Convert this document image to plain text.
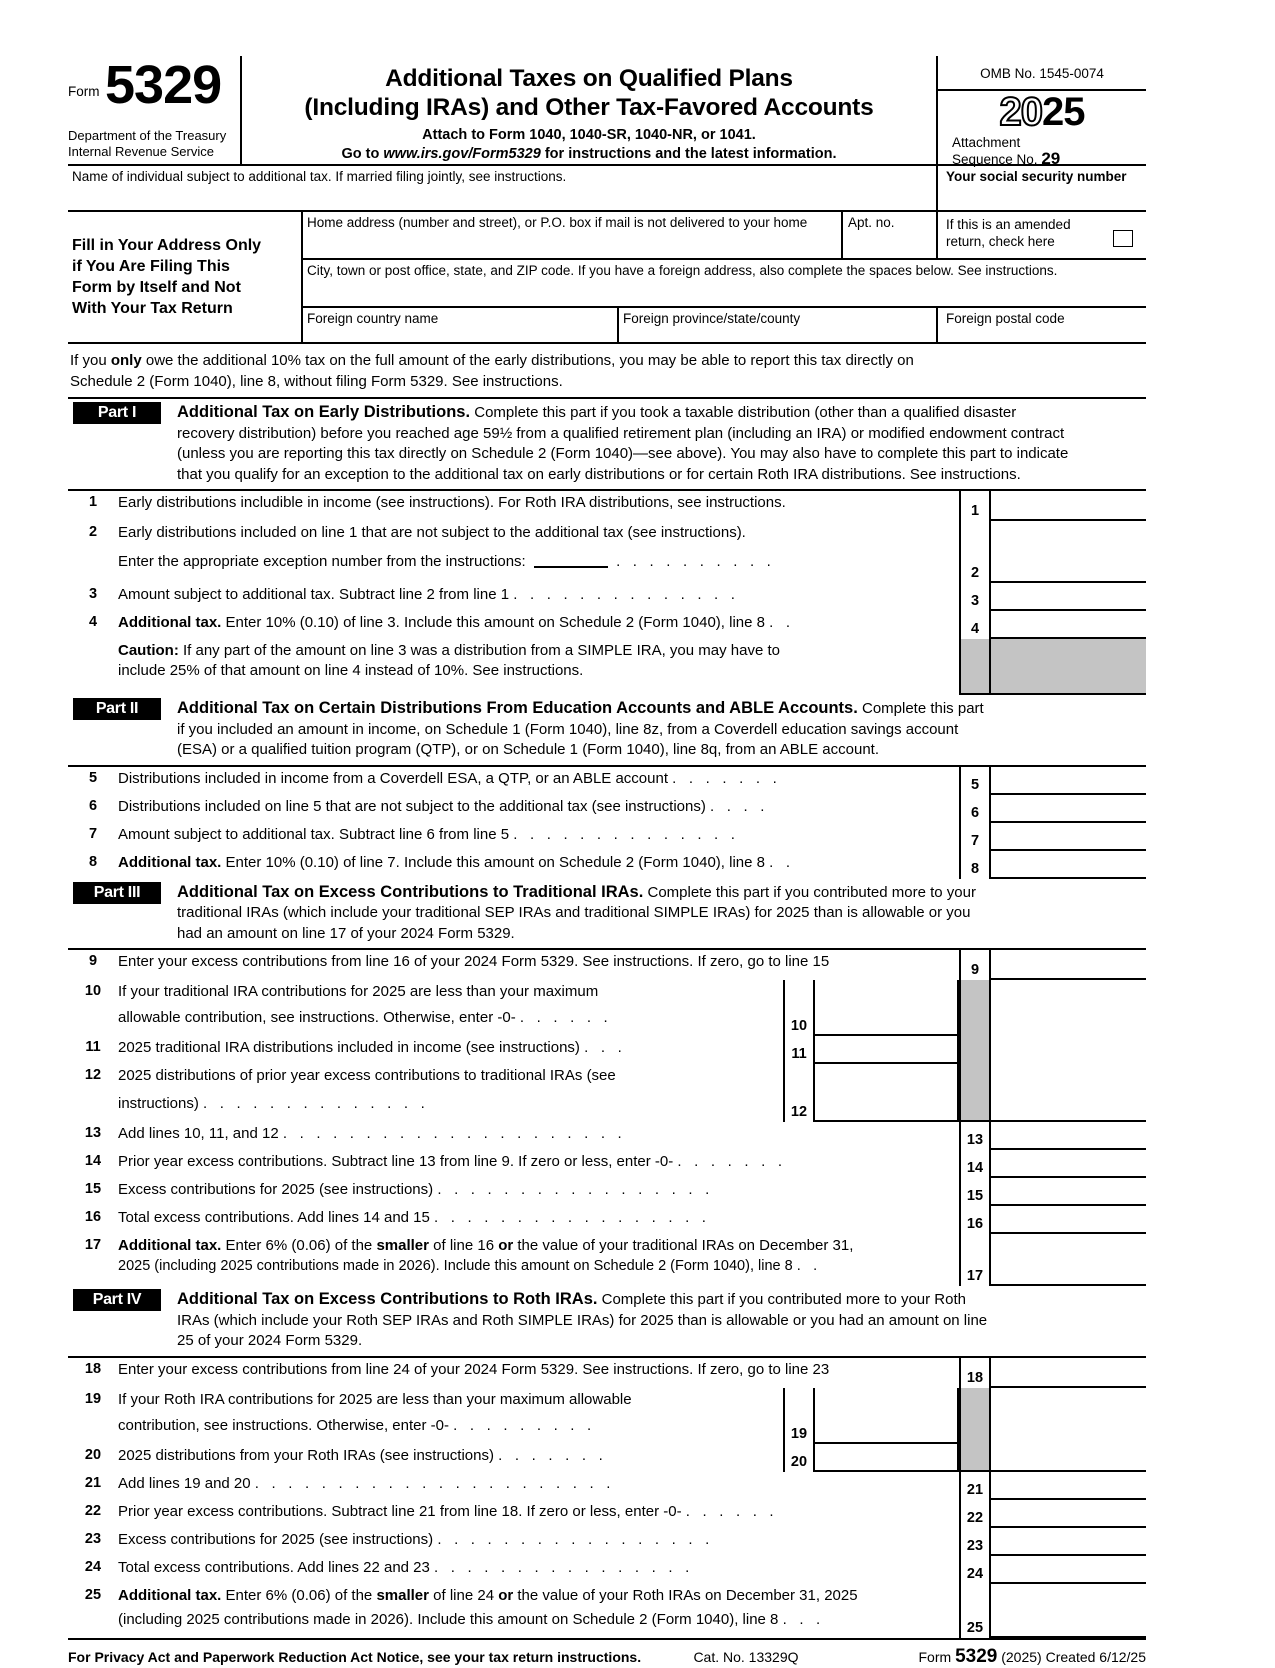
Form 5329
Department of the Treasury
Internal Revenue Service
Additional Taxes on Qualified Plans
(Including IRAs) and Other Tax-Favored Accounts
Attach to Form 1040, 1040-SR, 1040-NR, or 1041.
Go to www.irs.gov/Form5329 for instructions and the latest information.
OMB No. 1545-0074
2025
Attachment
Sequence No. 29
Name of individual subject to additional tax. If married filing jointly, see instructions.	Your social security number
Fill in Your Address Only
if You Are Filing This
Form by Itself and Not
With Your Tax Return
Home address (number and street), or P.O. box if mail is not delivered to your home	Apt. no.	If this is an amended
return, check here
City, town or post office, state, and ZIP code. If you have a foreign address, also complete the spaces below. See instructions.
Foreign country name	Foreign province/state/county	Foreign postal code
If you only owe the additional 10% tax on the full amount of the early distributions, you may be able to report this tax directly on
Schedule 2 (Form 1040), line 8, without filing Form 5329. See instructions.
Part I	Additional Tax on Early Distributions. Complete this part if you took a taxable distribution (other than a qualified disaster
recovery distribution) before you reached age 59½ from a qualified retirement plan (including an IRA) or modified endowment contract
(unless you are reporting this tax directly on Schedule 2 (Form 1040)—see above). You may also have to complete this part to indicate
that you qualify for an exception to the additional tax on early distributions or for certain Roth IRA distributions. See instructions.
1	Early distributions includible in income (see instructions). For Roth IRA distributions, see instructions.	1
2	Early distributions included on line 1 that are not subject to the additional tax (see instructions).
Enter the appropriate exception number from the instructions:	. . . . . . . . . .
2
3	Amount subject to additional tax. Subtract line 2 from line 1 . . . . . . . . . . . . . .	3
4	Additional tax. Enter 10% (0.10) of line 3. Include this amount on Schedule 2 (Form 1040), line 8 . .	4
Caution: If any part of the amount on line 3 was a distribution from a SIMPLE IRA, you may have to
include 25% of that amount on line 4 instead of 10%. See instructions.
Part II	Additional Tax on Certain Distributions From Education Accounts and ABLE Accounts. Complete this part
if you included an amount in income, on Schedule 1 (Form 1040), line 8z, from a Coverdell education savings account
(ESA) or a qualified tuition program (QTP), or on Schedule 1 (Form 1040), line 8q, from an ABLE account.
5	Distributions included in income from a Coverdell ESA, a QTP, or an ABLE account . . . . . . .	5
6	Distributions included on line 5 that are not subject to the additional tax (see instructions) . . . .	6
7	Amount subject to additional tax. Subtract line 6 from line 5 . . . . . . . . . . . . . .	7
8	Additional tax. Enter 10% (0.10) of line 7. Include this amount on Schedule 2 (Form 1040), line 8 . .	8
Part III	Additional Tax on Excess Contributions to Traditional IRAs. Complete this part if you contributed more to your
traditional IRAs (which include your traditional SEP IRAs and traditional SIMPLE IRAs) for 2025 than is allowable or you
had an amount on line 17 of your 2024 Form 5329.
9	Enter your excess contributions from line 16 of your 2024 Form 5329. See instructions. If zero, go to line 15	9
10	If your traditional IRA contributions for 2025 are less than your maximum
allowable contribution, see instructions. Otherwise, enter -0- . . . . . .	10
11	2025 traditional IRA distributions included in income (see instructions) . . .	11
12	2025 distributions of prior year excess contributions to traditional IRAs (see
instructions) . . . . . . . . . . . . . .	12
13	Add lines 10, 11, and 12 . . . . . . . . . . . . . . . . . . . . .	13
14	Prior year excess contributions. Subtract line 13 from line 9. If zero or less, enter -0- . . . . . . .	14
15	Excess contributions for 2025 (see instructions) . . . . . . . . . . . . . . . . .	15
16	Total excess contributions. Add lines 14 and 15 . . . . . . . . . . . . . . . . .	16
17	Additional tax. Enter 6% (0.06) of the smaller of line 16 or the value of your traditional IRAs on December 31,
2025 (including 2025 contributions made in 2026). Include this amount on Schedule 2 (Form 1040), line 8 . .
17
Part IV	Additional Tax on Excess Contributions to Roth IRAs. Complete this part if you contributed more to your Roth
IRAs (which include your Roth SEP IRAs and Roth SIMPLE IRAs) for 2025 than is allowable or you had an amount on line
25 of your 2024 Form 5329.
18	Enter your excess contributions from line 24 of your 2024 Form 5329. See instructions. If zero, go to line 23	18
19	If your Roth IRA contributions for 2025 are less than your maximum allowable
contribution, see instructions. Otherwise, enter -0- . . . . . . . . .	19
20	2025 distributions from your Roth IRAs (see instructions) . . . . . . .	20
21	Add lines 19 and 20 . . . . . . . . . . . . . . . . . . . . . .	21
22	Prior year excess contributions. Subtract line 21 from line 18. If zero or less, enter -0- . . . . . .	22
23	Excess contributions for 2025 (see instructions) . . . . . . . . . . . . . . . . .	23
24	Total excess contributions. Add lines 22 and 23 . . . . . . . . . . . . . . . .	24
25	Additional tax. Enter 6% (0.06) of the smaller of line 24 or the value of your Roth IRAs on December 31, 2025
(including 2025 contributions made in 2026). Include this amount on Schedule 2 (Form 1040), line 8 . . .	25
For Privacy Act and Paperwork Reduction Act Notice, see your tax return instructions.	Cat. No. 13329Q	Form 5329 (2025) Created 6/12/25
